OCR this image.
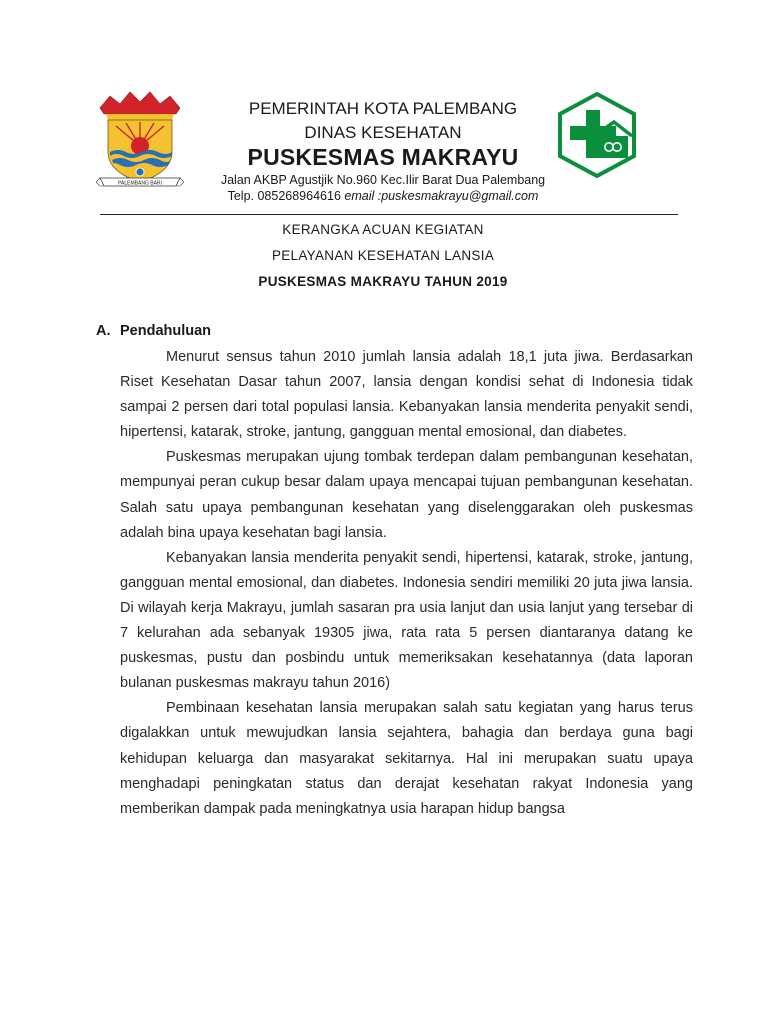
PALEMBANG BARI
PEMERINTAH KOTA PALEMBANG
DINAS KESEHATAN
PUSKESMAS MAKRAYU
Jalan AKBP Agustjik No.960 Kec.Ilir Barat Dua Palembang
Telp. 085268964616 email :puskesmakrayu@gmail.com
KERANGKA ACUAN KEGIATAN
PELAYANAN KESEHATAN LANSIA
PUSKESMAS MAKRAYU TAHUN 2019
A. Pendahuluan

Menurut sensus tahun 2010 jumlah lansia adalah 18,1 juta jiwa. Berdasarkan Riset Kesehatan Dasar tahun 2007, lansia dengan kondisi sehat di Indonesia tidak sampai 2 persen dari total populasi lansia. Kebanyakan lansia menderita penyakit sendi, hipertensi, katarak, stroke, jantung, gangguan mental emosional, dan diabetes.

Puskesmas merupakan ujung tombak terdepan dalam pembangunan kesehatan, mempunyai peran cukup besar dalam upaya mencapai tujuan pembangunan kesehatan. Salah satu upaya pembangunan kesehatan yang diselenggarakan oleh puskesmas adalah bina upaya kesehatan bagi lansia.

Kebanyakan lansia menderita penyakit sendi, hipertensi, katarak, stroke, jantung, gangguan mental emosional, dan diabetes. Indonesia sendiri memiliki 20 juta jiwa lansia. Di wilayah kerja Makrayu, jumlah sasaran pra usia lanjut dan usia lanjut yang tersebar di 7 kelurahan ada sebanyak 19305 jiwa, rata rata 5 persen diantaranya datang ke puskesmas, pustu dan posbindu untuk memeriksakan kesehatannya (data laporan bulanan puskesmas makrayu tahun 2016)

Pembinaan kesehatan lansia merupakan salah satu kegiatan yang harus terus digalakkan untuk mewujudkan lansia sejahtera, bahagia dan berdaya guna bagi kehidupan keluarga dan masyarakat sekitarnya. Hal ini merupakan suatu upaya menghadapi peningkatan status dan derajat kesehatan rakyat Indonesia yang memberikan dampak pada meningkatnya usia harapan hidup bangsa
